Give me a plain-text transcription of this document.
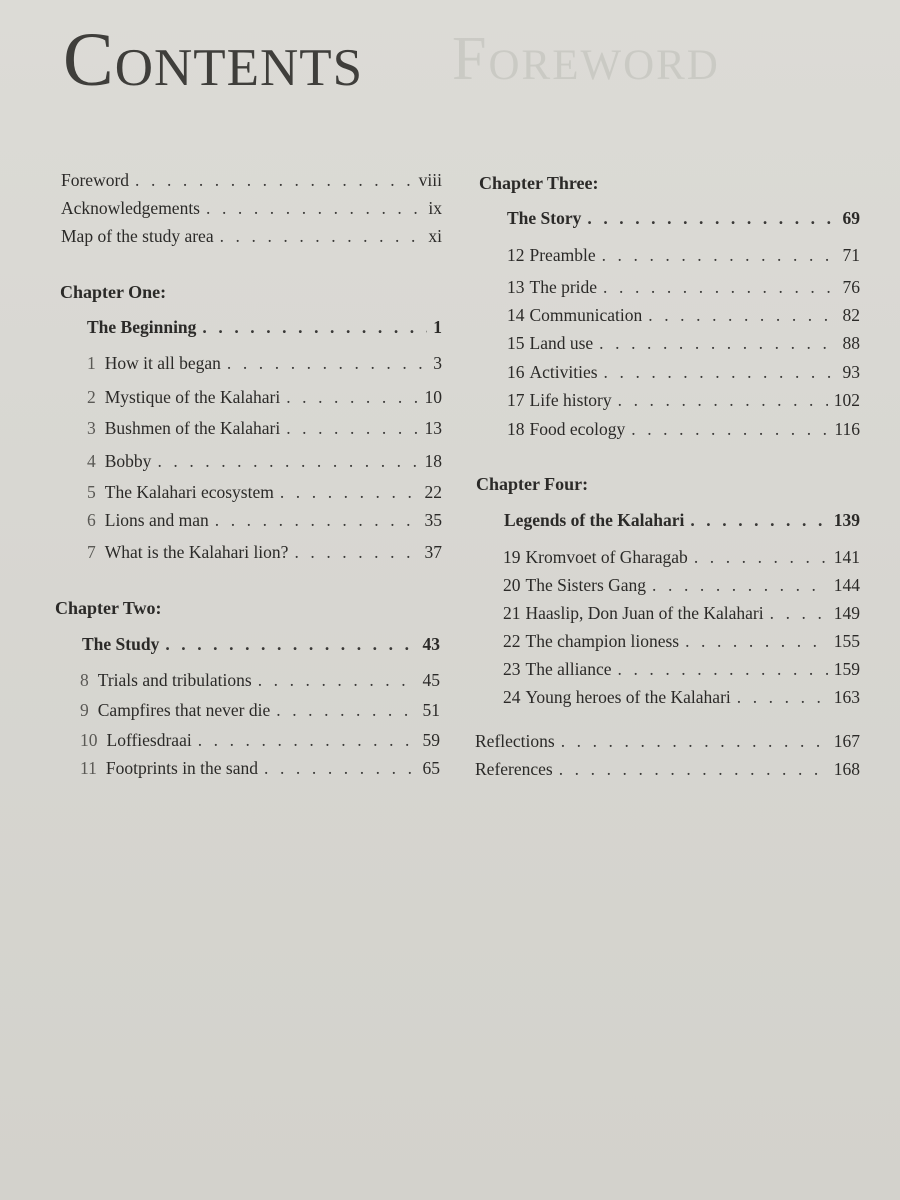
Foreword
Contents
Foreword . . .	viii
Acknowledgements . . .	ix
Map of the study area . . .	xi
Chapter One:
The Beginning . . .	1
1 How it all began . . .	3
2 Mystique of the Kalahari . . .	10
3 Bushmen of the Kalahari . . .	13
4 Bobby . . .	18
5 The Kalahari ecosystem . . .	22
6 Lions and man . . .	35
7 What is the Kalahari lion? . . .	37
Chapter Two:
The Study . . .	43
8 Trials and tribulations . . .	45
9 Campfires that never die . . .	51
10 Loffiesdraai . . .	59
11 Footprints in the sand . . .	65
Chapter Three:
The Story . . .	69
12 Preamble . . .	71
13 The pride . . .	76
14 Communication . . .	82
15 Land use . . .	88
16 Activities . . .	93
17 Life history . . .	102
18 Food ecology . . .	116
Chapter Four:
Legends of the Kalahari . . .	139
19 Kromvoet of Gharagab . . .	141
20 The Sisters Gang . . .	144
21 Haaslip, Don Juan of the Kalahari . . .	149
22 The champion lioness . . .	155
23 The alliance . . .	159
24 Young heroes of the Kalahari . . .	163
Reflections . . .	167
References . . .	168
